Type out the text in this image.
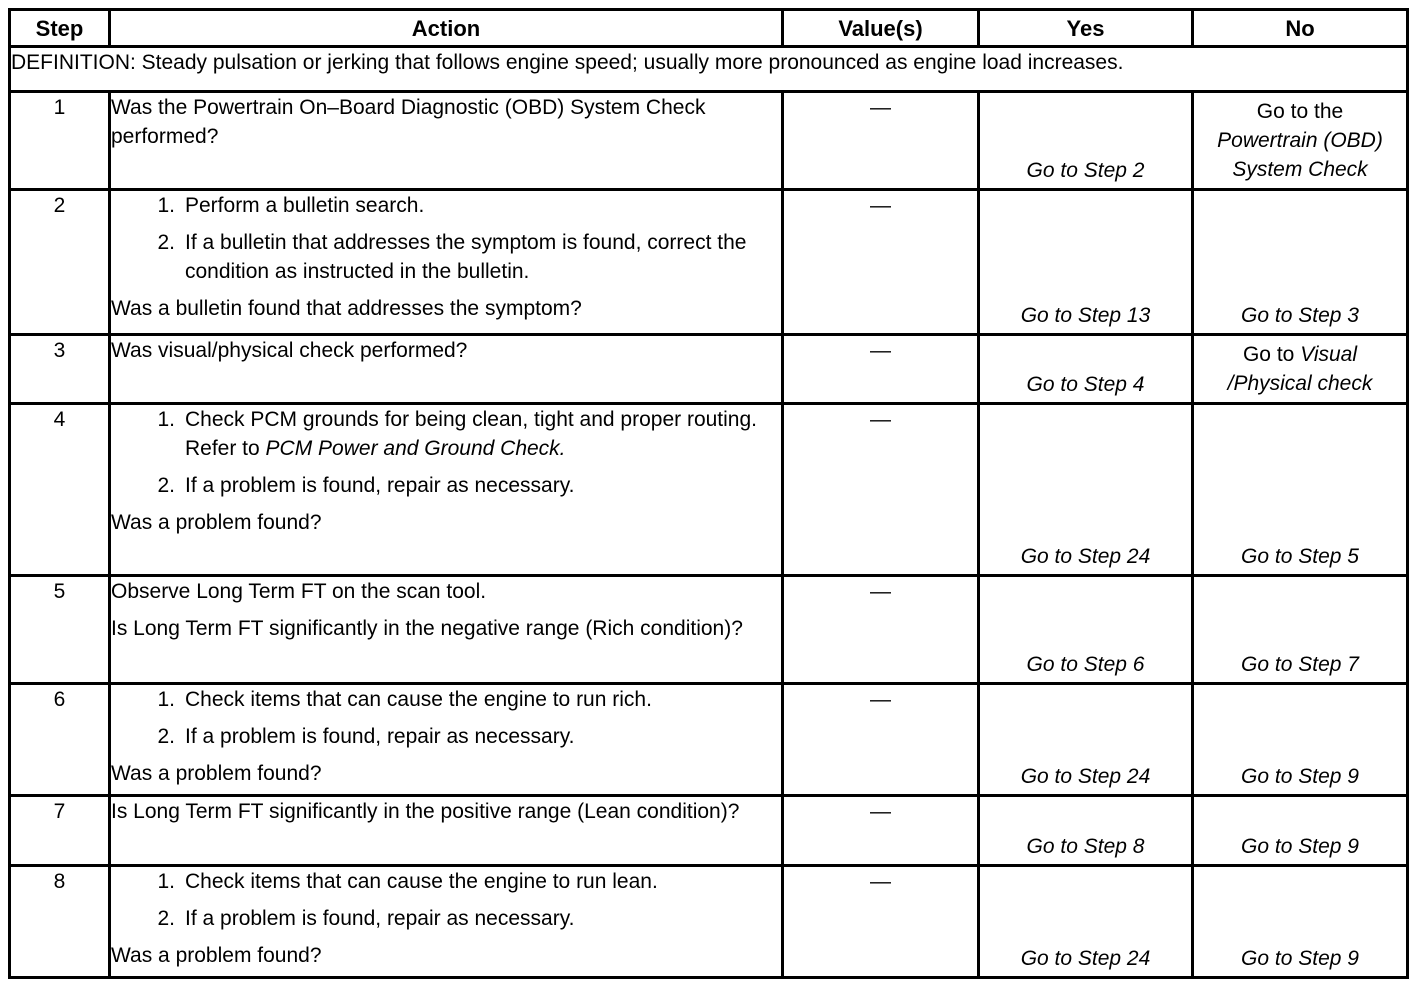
Step	Action	Value(s)	Yes	No
DEFINITION: Steady pulsation or jerking that follows engine speed; usually more pronounced as engine load increases.				
1	Was the Powertrain On–Board Diagnostic (OBD) System Check performed?	—	Go to Step 2	Go to the
Powertrain (OBD)
System Check

2	1. Perform a bulletin search.
2. If a bulletin that addresses the symptom is found, correct the condition as instructed in the bulletin.
Was a bulletin found that addresses the symptom?	—	Go to Step 13	Go to Step 3

3	Was visual/physical check performed?	—	Go to Step 4	Go to Visual
/Physical check

4	1. Check PCM grounds for being clean, tight and proper routing. Refer to PCM Power and Ground Check.
2. If a problem is found, repair as necessary.
Was a problem found?	—	Go to Step 24	Go to Step 5

5	Observe Long Term FT on the scan tool.
Is Long Term FT significantly in the negative range (Rich condition)?	—	Go to Step 6	Go to Step 7

6	1. Check items that can cause the engine to run rich.
2. If a problem is found, repair as necessary.
Was a problem found?	—	Go to Step 24	Go to Step 9

7	Is Long Term FT significantly in the positive range (Lean condition)?	—	Go to Step 8	Go to Step 9

8	1. Check items that can cause the engine to run lean.
2. If a problem is found, repair as necessary.
Was a problem found?	—	Go to Step 24	Go to Step 9
